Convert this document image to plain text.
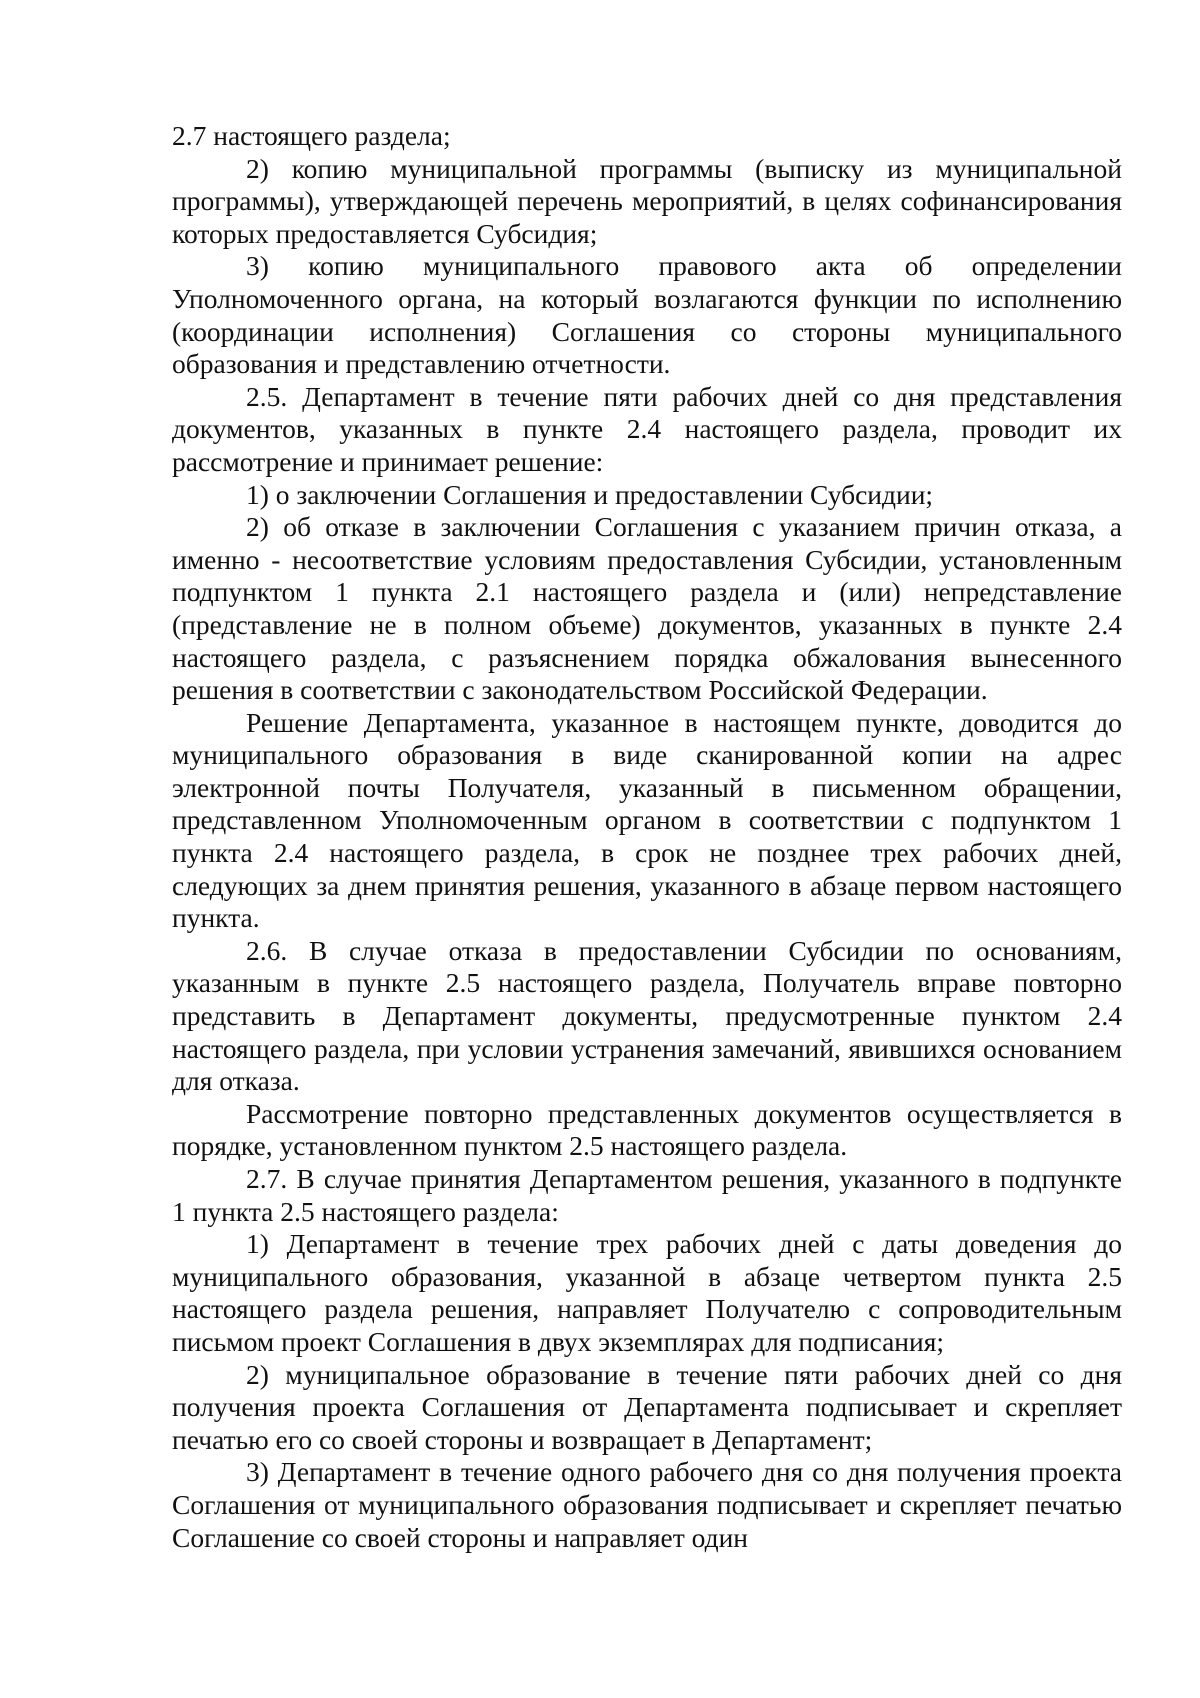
2.7 настоящего раздела;

2) копию муниципальной программы (выписку из муниципальной программы), утверждающей перечень мероприятий, в целях софинансирования которых предоставляется Субсидия;

3) копию муниципального правового акта об определении Уполномоченного органа, на который возлагаются функции по исполнению (координации исполнения) Соглашения со стороны муниципального образования и представлению отчетности.

2.5. Департамент в течение пяти рабочих дней со дня представления документов, указанных в пункте 2.4 настоящего раздела, проводит их рассмотрение и принимает решение:

1) о заключении Соглашения и предоставлении Субсидии;

2) об отказе в заключении Соглашения с указанием причин отказа, а именно - несоответствие условиям предоставления Субсидии, установленным подпунктом 1 пункта 2.1 настоящего раздела и (или) непредставление (представление не в полном объеме) документов, указанных в пункте 2.4 настоящего раздела, с разъяснением порядка обжалования вынесенного решения в соответствии с законодательством Российской Федерации.

Решение Департамента, указанное в настоящем пункте, доводится до муниципального образования в виде сканированной копии на адрес электронной почты Получателя, указанный в письменном обращении, представленном Уполномоченным органом в соответствии с подпунктом 1 пункта 2.4 настоящего раздела, в срок не позднее трех рабочих дней, следующих за днем принятия решения, указанного в абзаце первом настоящего пункта.

2.6. В случае отказа в предоставлении Субсидии по основаниям, указанным в пункте 2.5 настоящего раздела, Получатель вправе повторно представить в Департамент документы, предусмотренные пунктом 2.4 настоящего раздела, при условии устранения замечаний, явившихся основанием для отказа.

Рассмотрение повторно представленных документов осуществляется в порядке, установленном пунктом 2.5 настоящего раздела.

2.7. В случае принятия Департаментом решения, указанного в подпункте 1 пункта 2.5 настоящего раздела:

1) Департамент в течение трех рабочих дней с даты доведения до муниципального образования, указанной в абзаце четвертом пункта 2.5 настоящего раздела решения, направляет Получателю с сопроводительным письмом проект Соглашения в двух экземплярах для подписания;

2) муниципальное образование в течение пяти рабочих дней со дня получения проекта Соглашения от Департамента подписывает и скрепляет печатью его со своей стороны и возвращает в Департамент;

3) Департамент в течение одного рабочего дня со дня получения проекта Соглашения от муниципального образования подписывает и скрепляет печатью Соглашение со своей стороны и направляет один
